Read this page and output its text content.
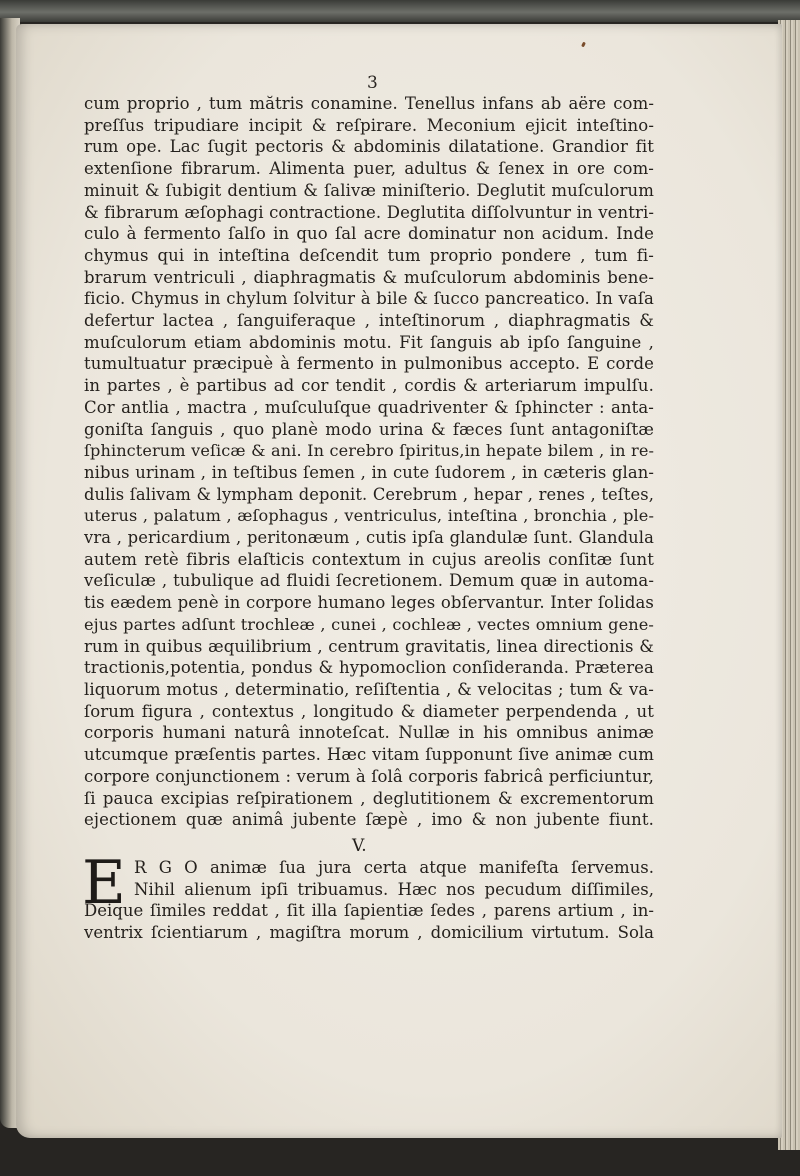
3
cum proprio , tum mătris conamine. Tenellus infans ab aëre com-
preſſus tripudiare incipit & reſpirare. Meconium ejicit inteſtino-
rum ope. Lac ſugit pectoris & abdominis dilatatione. Grandior fit
extenſione fibrarum. Alimenta puer, adultus & ſenex in ore com-
minuit & ſubigit dentium & ſalivæ miniſterio. Deglutit muſculorum
& fibrarum æſophagi contractione. Deglutita diſſolvuntur in ventri-
culo à fermento ſalſo in quo ſal acre dominatur non acidum. Inde
chymus qui in inteſtina deſcendit tum proprio pondere , tum fi-
brarum ventriculi , diaphragmatis & muſculorum abdominis bene-
ficio. Chymus in chylum ſolvitur à bile & ſucco pancreatico. In vaſa
defertur lactea , ſanguiferaque , inteſtinorum , diaphragmatis &
muſculorum etiam abdominis motu. Fit ſanguis ab ipſo ſanguine ,
tumultuatur præcipuè à fermento in pulmonibus accepto. E corde
in partes , è partibus ad cor tendit , cordis & arteriarum impulſu.
Cor antlia , mactra , muſculuſque quadriventer & ſphincter : anta-
goniſta ſanguis , quo planè modo urina & fæces ſunt antagoniſtæ
ſphincterum veſicæ & ani. In cerebro ſpiritus,in hepate bilem , in re-
nibus urinam , in teſtibus ſemen , in cute ſudorem , in cæteris glan-
dulis ſalivam & lympham deponit. Cerebrum , hepar , renes , teſtes,
uterus , palatum , æſophagus , ventriculus, inteſtina , bronchia , ple-
vra , pericardium , peritonæum , cutis ipſa glandulæ ſunt. Glandula
autem retè fibris elaſticis contextum in cujus areolis conſitæ ſunt
veſiculæ , tubulique ad fluidi ſecretionem. Demum quæ in automa-
tis eædem penè in corpore humano leges obſervantur. Inter ſolidas
ejus partes adſunt trochleæ , cunei , cochleæ , vectes omnium gene-
rum in quibus æquilibrium , centrum gravitatis, linea directionis &
tractionis,potentia, pondus & hypomoclion conſideranda. Præterea
liquorum motus , determinatio, reſiſtentia , & velocitas ; tum & va-
ſorum figura , contextus , longitudo & diameter perpendenda , ut
corporis humani naturâ innoteſcat. Nullæ in his omnibus animæ
utcumque præſentis partes. Hæc vitam ſupponunt ſive animæ cum
corpore conjunctionem : verum à ſolâ corporis fabricâ perficiuntur,
ſi pauca excipias reſpirationem , deglutitionem & excrementorum
ejectionem quæ animâ jubente ſæpè , imo & non jubente fiunt.
V.
E R G O animæ ſua jura certa atque manifeſta ſervemus.
Nihil alienum ipſi tribuamus. Hæc nos pecudum diſſimiles,
Deique ſimiles reddat , ſit illa ſapientiæ ſedes , parens artium , in-
ventrix ſcientiarum , magiſtra morum , domicilium virtutum. Sola
